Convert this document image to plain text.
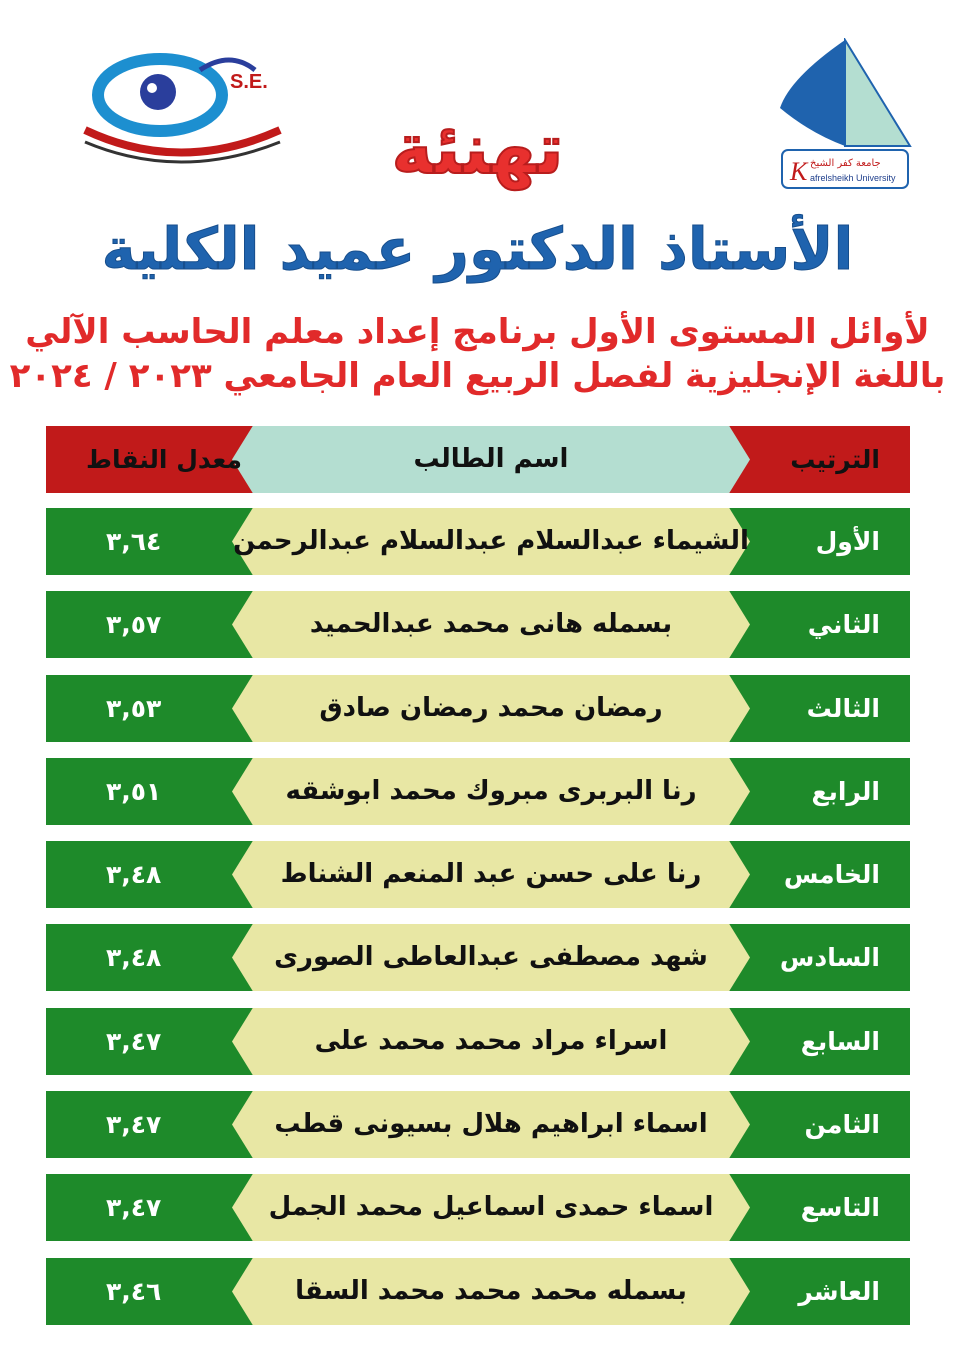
S.E.
K جامعة كفر الشيخ
afrelsheikh University
تهنئة
الأستاذ الدكتور عميد الكلية
لأوائل المستوى الأول برنامج إعداد معلم الحاسب الآلي
باللغة الإنجليزية لفصل الربيع العام الجامعي ٢٠٢٣ / ٢٠٢٤
الترتيب
اسم الطالب
معدل النقاط
الأول
الشيماء عبدالسلام عبدالسلام عبدالرحمن
٣,٦٤
الثاني
بسمله هانى محمد عبدالحميد
٣,٥٧
الثالث
رمضان محمد رمضان صادق
٣,٥٣
الرابع
رنا البربرى مبروك محمد ابوشقه
٣,٥١
الخامس
رنا على حسن عبد المنعم الشناط
٣,٤٨
السادس
شهد مصطفى عبدالعاطى الصورى
٣,٤٨
السابع
اسراء مراد محمد محمد على
٣,٤٧
الثامن
اسماء ابراهيم هلال بسيونى قطب
٣,٤٧
التاسع
اسماء حمدى اسماعيل محمد الجمل
٣,٤٧
العاشر
بسمله محمد محمد محمد السقا
٣,٤٦
